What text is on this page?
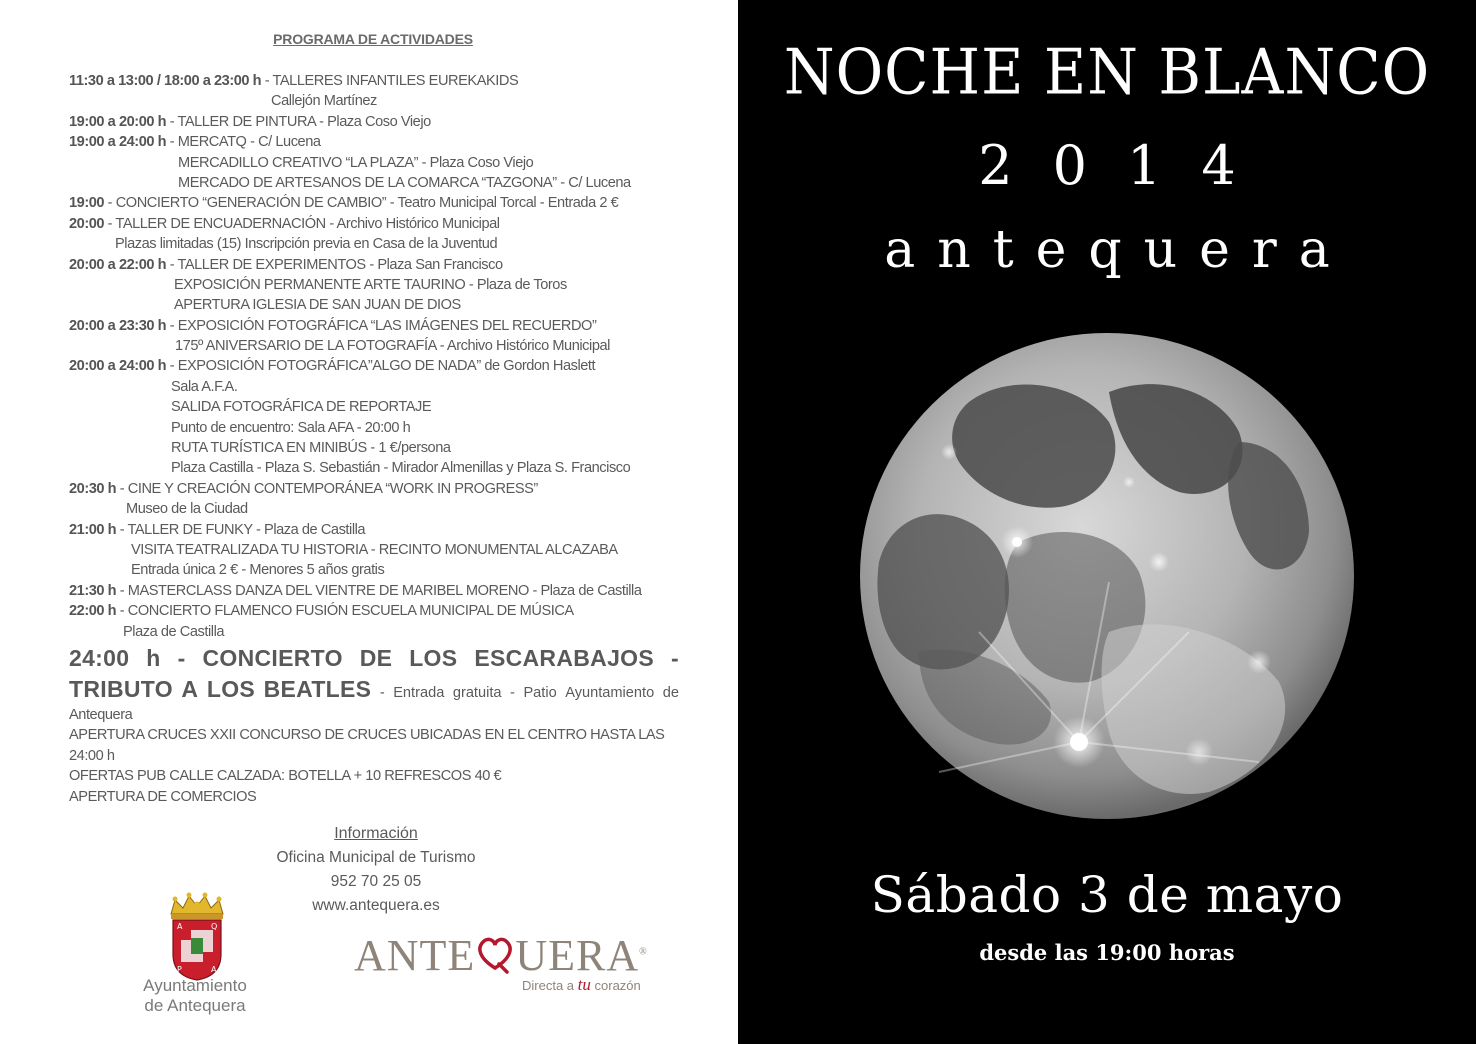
PROGRAMA DE ACTIVIDADES
11:30 a 13:00 / 18:00 a 23:00 h - TALLERES INFANTILES EUREKAKIDS
Callejón Martínez
19:00 a 20:00 h - TALLER DE PINTURA - Plaza Coso Viejo
19:00 a 24:00 h - MERCATQ - C/ Lucena
MERCADILLO CREATIVO “LA PLAZA” - Plaza Coso Viejo
MERCADO DE ARTESANOS DE LA COMARCA “TAZGONA” - C/ Lucena
19:00 - CONCIERTO “GENERACIÓN DE CAMBIO” - Teatro Municipal Torcal - Entrada 2 €
20:00 - TALLER DE ENCUADERNACIÓN - Archivo Histórico Municipal
Plazas limitadas (15) Inscripción previa en Casa de la Juventud
20:00 a 22:00 h - TALLER DE EXPERIMENTOS - Plaza San Francisco
EXPOSICIÓN PERMANENTE ARTE TAURINO - Plaza de Toros
APERTURA IGLESIA DE SAN JUAN DE DIOS
20:00 a 23:30 h - EXPOSICIÓN FOTOGRÁFICA “LAS IMÁGENES DEL RECUERDO”
175º ANIVERSARIO DE LA FOTOGRAFÍA - Archivo Histórico Municipal
20:00 a 24:00 h - EXPOSICIÓN FOTOGRÁFICA”ALGO DE NADA” de Gordon Haslett
Sala A.F.A.
SALIDA FOTOGRÁFICA DE REPORTAJE
Punto de encuentro: Sala AFA - 20:00 h
RUTA TURÍSTICA EN MINIBÚS - 1 €/persona
Plaza Castilla - Plaza S. Sebastián - Mirador Almenillas y Plaza S. Francisco
20:30 h - CINE Y CREACIÓN CONTEMPORÁNEA “WORK IN PROGRESS”
Museo de la Ciudad
21:00 h - TALLER DE FUNKY - Plaza de Castilla
VISITA TEATRALIZADA TU HISTORIA - RECINTO MONUMENTAL ALCAZABA
Entrada única 2 € - Menores 5 años gratis
21:30 h - MASTERCLASS DANZA DEL VIENTRE DE MARIBEL MORENO - Plaza de Castilla
22:00 h - CONCIERTO FLAMENCO FUSIÓN ESCUELA MUNICIPAL DE MÚSICA
Plaza de Castilla
24:00 h - CONCIERTO DE LOS ESCARABAJOS -
TRIBUTO A LOS BEATLES - Entrada gratuita - Patio Ayuntamiento de
Antequera
APERTURA CRUCES XXII CONCURSO DE CRUCES UBICADAS EN EL CENTRO HASTA LAS
24:00 h
OFERTAS PUB CALLE CALZADA: BOTELLA + 10 REFRESCOS 40 €
APERTURA DE COMERCIOS
Información
Oficina Municipal de Turismo
952 70 25 05
www.antequera.es
A	Q
P	A
Ayuntamiento
de Antequera
ANTE UERA®
Directa a tu corazón
NOCHE EN BLANCO
2014
antequera
Sábado 3 de mayo
desde las 19:00 horas
